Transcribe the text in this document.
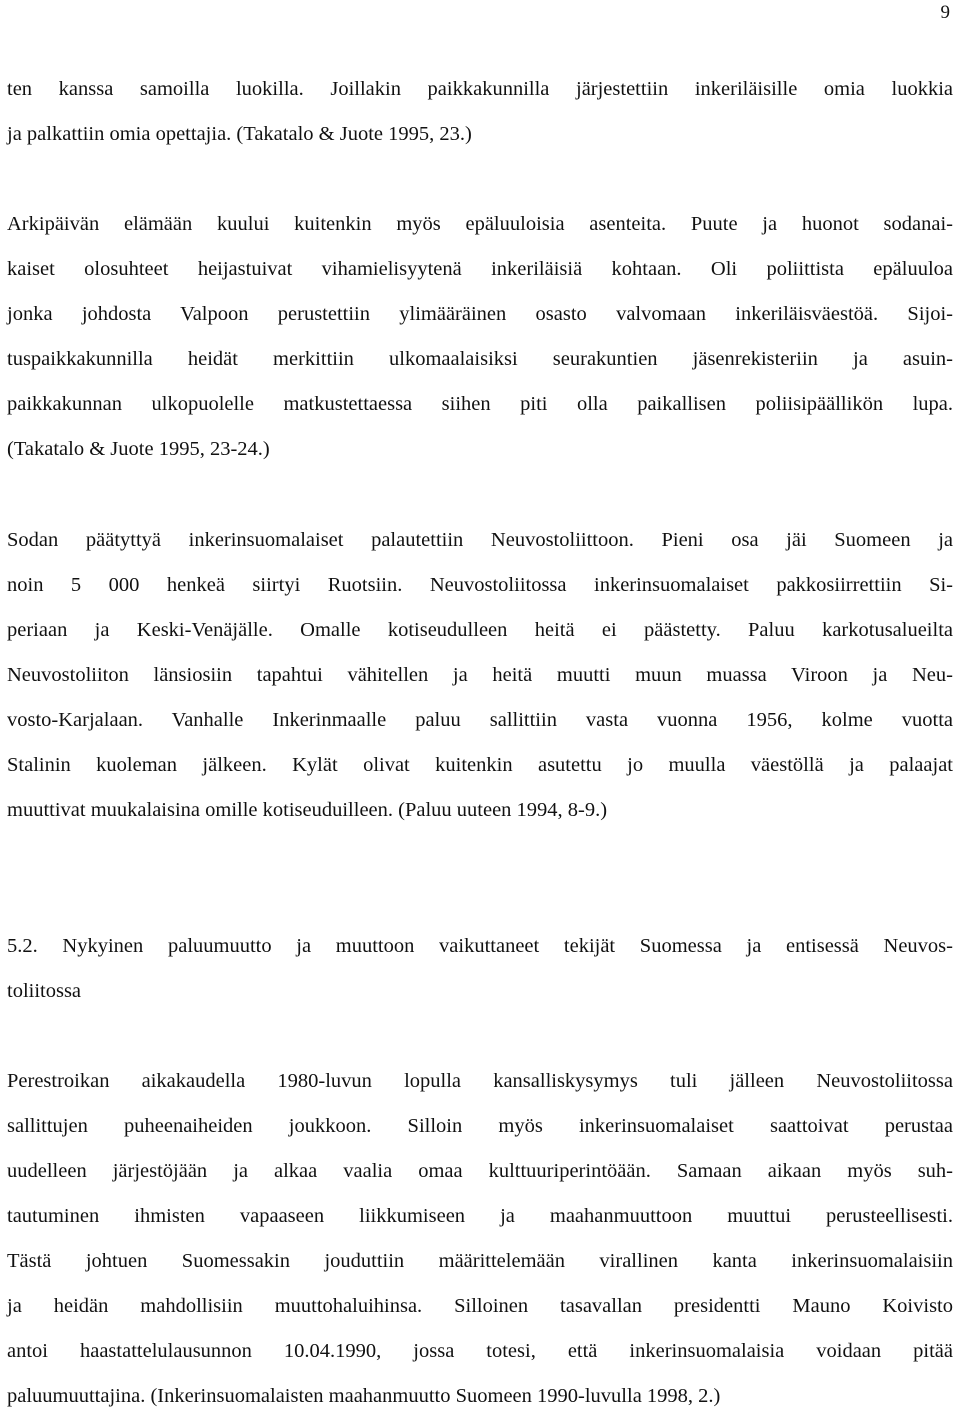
9
ten kanssa samoilla luokilla. Joillakin paikkakunnilla järjestettiin inkeriläisille omia luokkia
ja palkattiin omia opettajia. (Takatalo & Juote 1995, 23.)
Arkipäivän elämään kuului kuitenkin myös epäluuloisia asenteita. Puute ja huonot sodanai-
kaiset olosuhteet heijastuivat vihamielisyytenä inkeriläisiä kohtaan. Oli poliittista epäluuloa
jonka johdosta Valpoon perustettiin ylimääräinen osasto valvomaan inkeriläisväestöä. Sijoi-
tuspaikkakunnilla heidät merkittiin ulkomaalaisiksi seurakuntien jäsenrekisteriin ja asuin-
paikkakunnan ulkopuolelle matkustettaessa siihen piti olla paikallisen poliisipäällikön lupa.
(Takatalo & Juote 1995, 23-24.)
Sodan päätyttyä inkerinsuomalaiset palautettiin Neuvostoliittoon. Pieni osa jäi Suomeen ja
noin 5 000 henkeä siirtyi Ruotsiin. Neuvostoliitossa inkerinsuomalaiset pakkosiirrettiin Si-
periaan ja Keski-Venäjälle. Omalle kotiseudulleen heitä ei päästetty. Paluu karkotusalueilta
Neuvostoliiton länsiosiin tapahtui vähitellen ja heitä muutti muun muassa Viroon ja Neu-
vosto-Karjalaan. Vanhalle Inkerinmaalle paluu sallittiin vasta vuonna 1956, kolme vuotta
Stalinin kuoleman jälkeen. Kylät olivat kuitenkin asutettu jo muulla väestöllä ja palaajat
muuttivat muukalaisina omille kotiseuduilleen. (Paluu uuteen 1994, 8-9.)
5.2. Nykyinen paluumuutto ja muuttoon vaikuttaneet tekijät Suomessa ja entisessä Neuvos-
toliitossa
Perestroikan aikakaudella 1980-luvun lopulla kansalliskysymys tuli jälleen Neuvostoliitossa
sallittujen puheenaiheiden joukkoon. Silloin myös inkerinsuomalaiset saattoivat perustaa
uudelleen järjestöjään ja alkaa vaalia omaa kulttuuriperintöään. Samaan aikaan myös suh-
tautuminen ihmisten vapaaseen liikkumiseen ja maahanmuuttoon muuttui perusteellisesti.
Tästä johtuen Suomessakin jouduttiin määrittelemään virallinen kanta inkerinsuomalaisiin
ja heidän mahdollisiin muuttohaluihinsa. Silloinen tasavallan presidentti Mauno Koivisto
antoi haastattelulausunnon 10.04.1990, jossa totesi, että inkerinsuomalaisia voidaan pitää
paluumuuttajina. (Inkerinsuomalaisten maahanmuutto Suomeen 1990-luvulla 1998, 2.)
